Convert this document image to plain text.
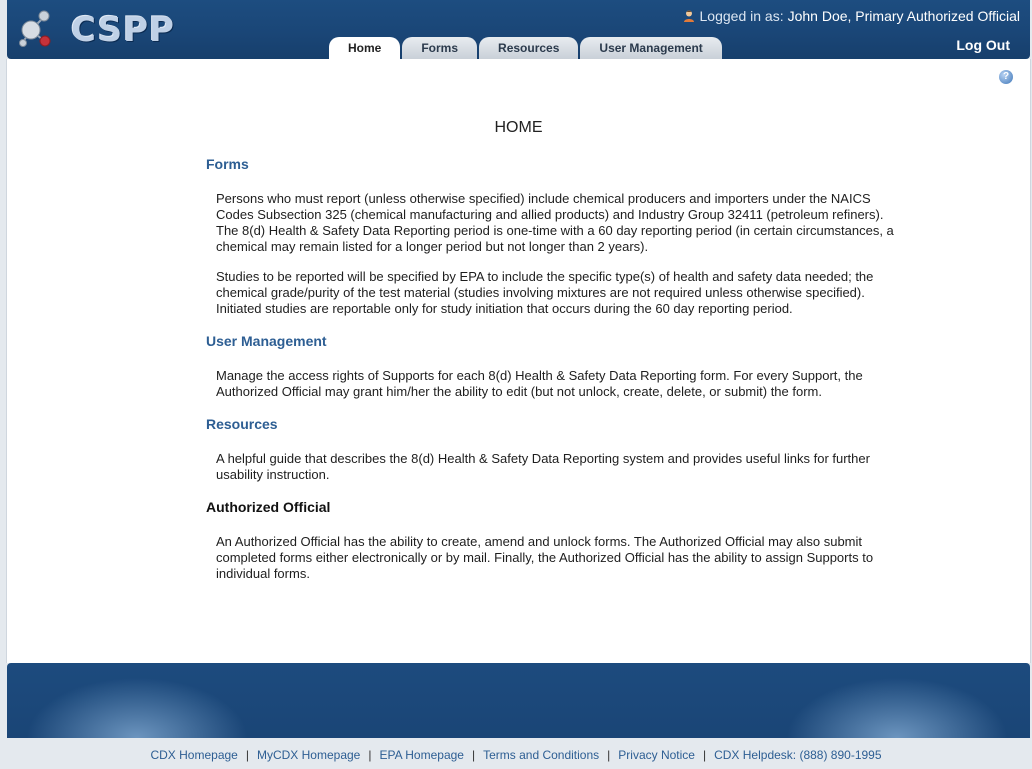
CSPP	Logged in as: John Doe, Primary Authorized Official
Log Out
Home	Forms	Resources	User Management
?
HOME
Forms

Persons who must report (unless otherwise specified) include chemical producers and importers under the NAICS Codes Subsection 325 (chemical manufacturing and allied products) and Industry Group 32411 (petroleum refiners). The 8(d) Health & Safety Data Reporting period is one-time with a 60 day reporting period (in certain circumstances, a chemical may remain listed for a longer period but not longer than 2 years).

Studies to be reported will be specified by EPA to include the specific type(s) of health and safety data needed; the chemical grade/purity of the test material (studies involving mixtures are not required unless otherwise specified). Initiated studies are reportable only for study initiation that occurs during the 60 day reporting period.

User Management

Manage the access rights of Supports for each 8(d) Health & Safety Data Reporting form. For every Support, the Authorized Official may grant him/her the ability to edit (but not unlock, create, delete, or submit) the form.

Resources

A helpful guide that describes the 8(d) Health & Safety Data Reporting system and provides useful links for further usability instruction.

Authorized Official

An Authorized Official has the ability to create, amend and unlock forms. The Authorized Official may also submit completed forms either electronically or by mail. Finally, the Authorized Official has the ability to assign Supports to individual forms.

CDX Homepage | MyCDX Homepage | EPA Homepage | Terms and Conditions | Privacy Notice | CDX Helpdesk: (888) 890-1995
